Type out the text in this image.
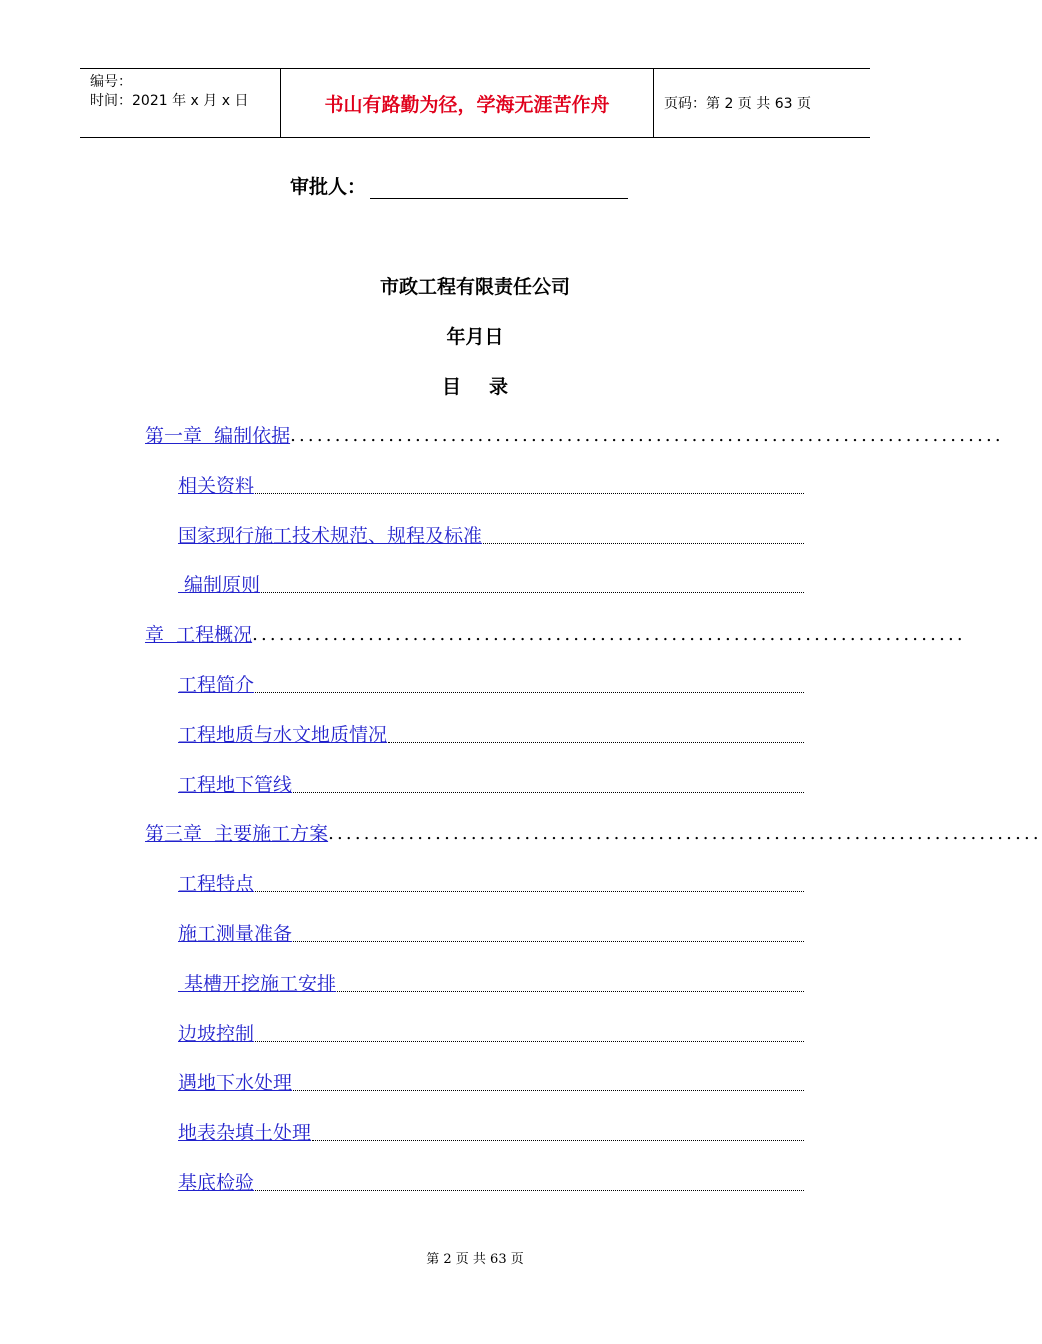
编号：
时间：2021 年 x 月 x 日	书山有路勤为径，学海无涯苦作舟	页码：第 2 页 共 63 页
审批人：
市政工程有限责任公司
年月日
目录
第一章  编制依据 ................................................................................
相关资料
国家现行施工技术规范、规程及标准
编制原则
章  工程概况 ................................................................................
工程简介
工程地质与水文地质情况
工程地下管线
第三章  主要施工方案 ................................................................................
工程特点
施工测量准备
基槽开挖施工安排
边坡控制
遇地下水处理
地表杂填土处理
基底检验
第 2 页 共 63 页
